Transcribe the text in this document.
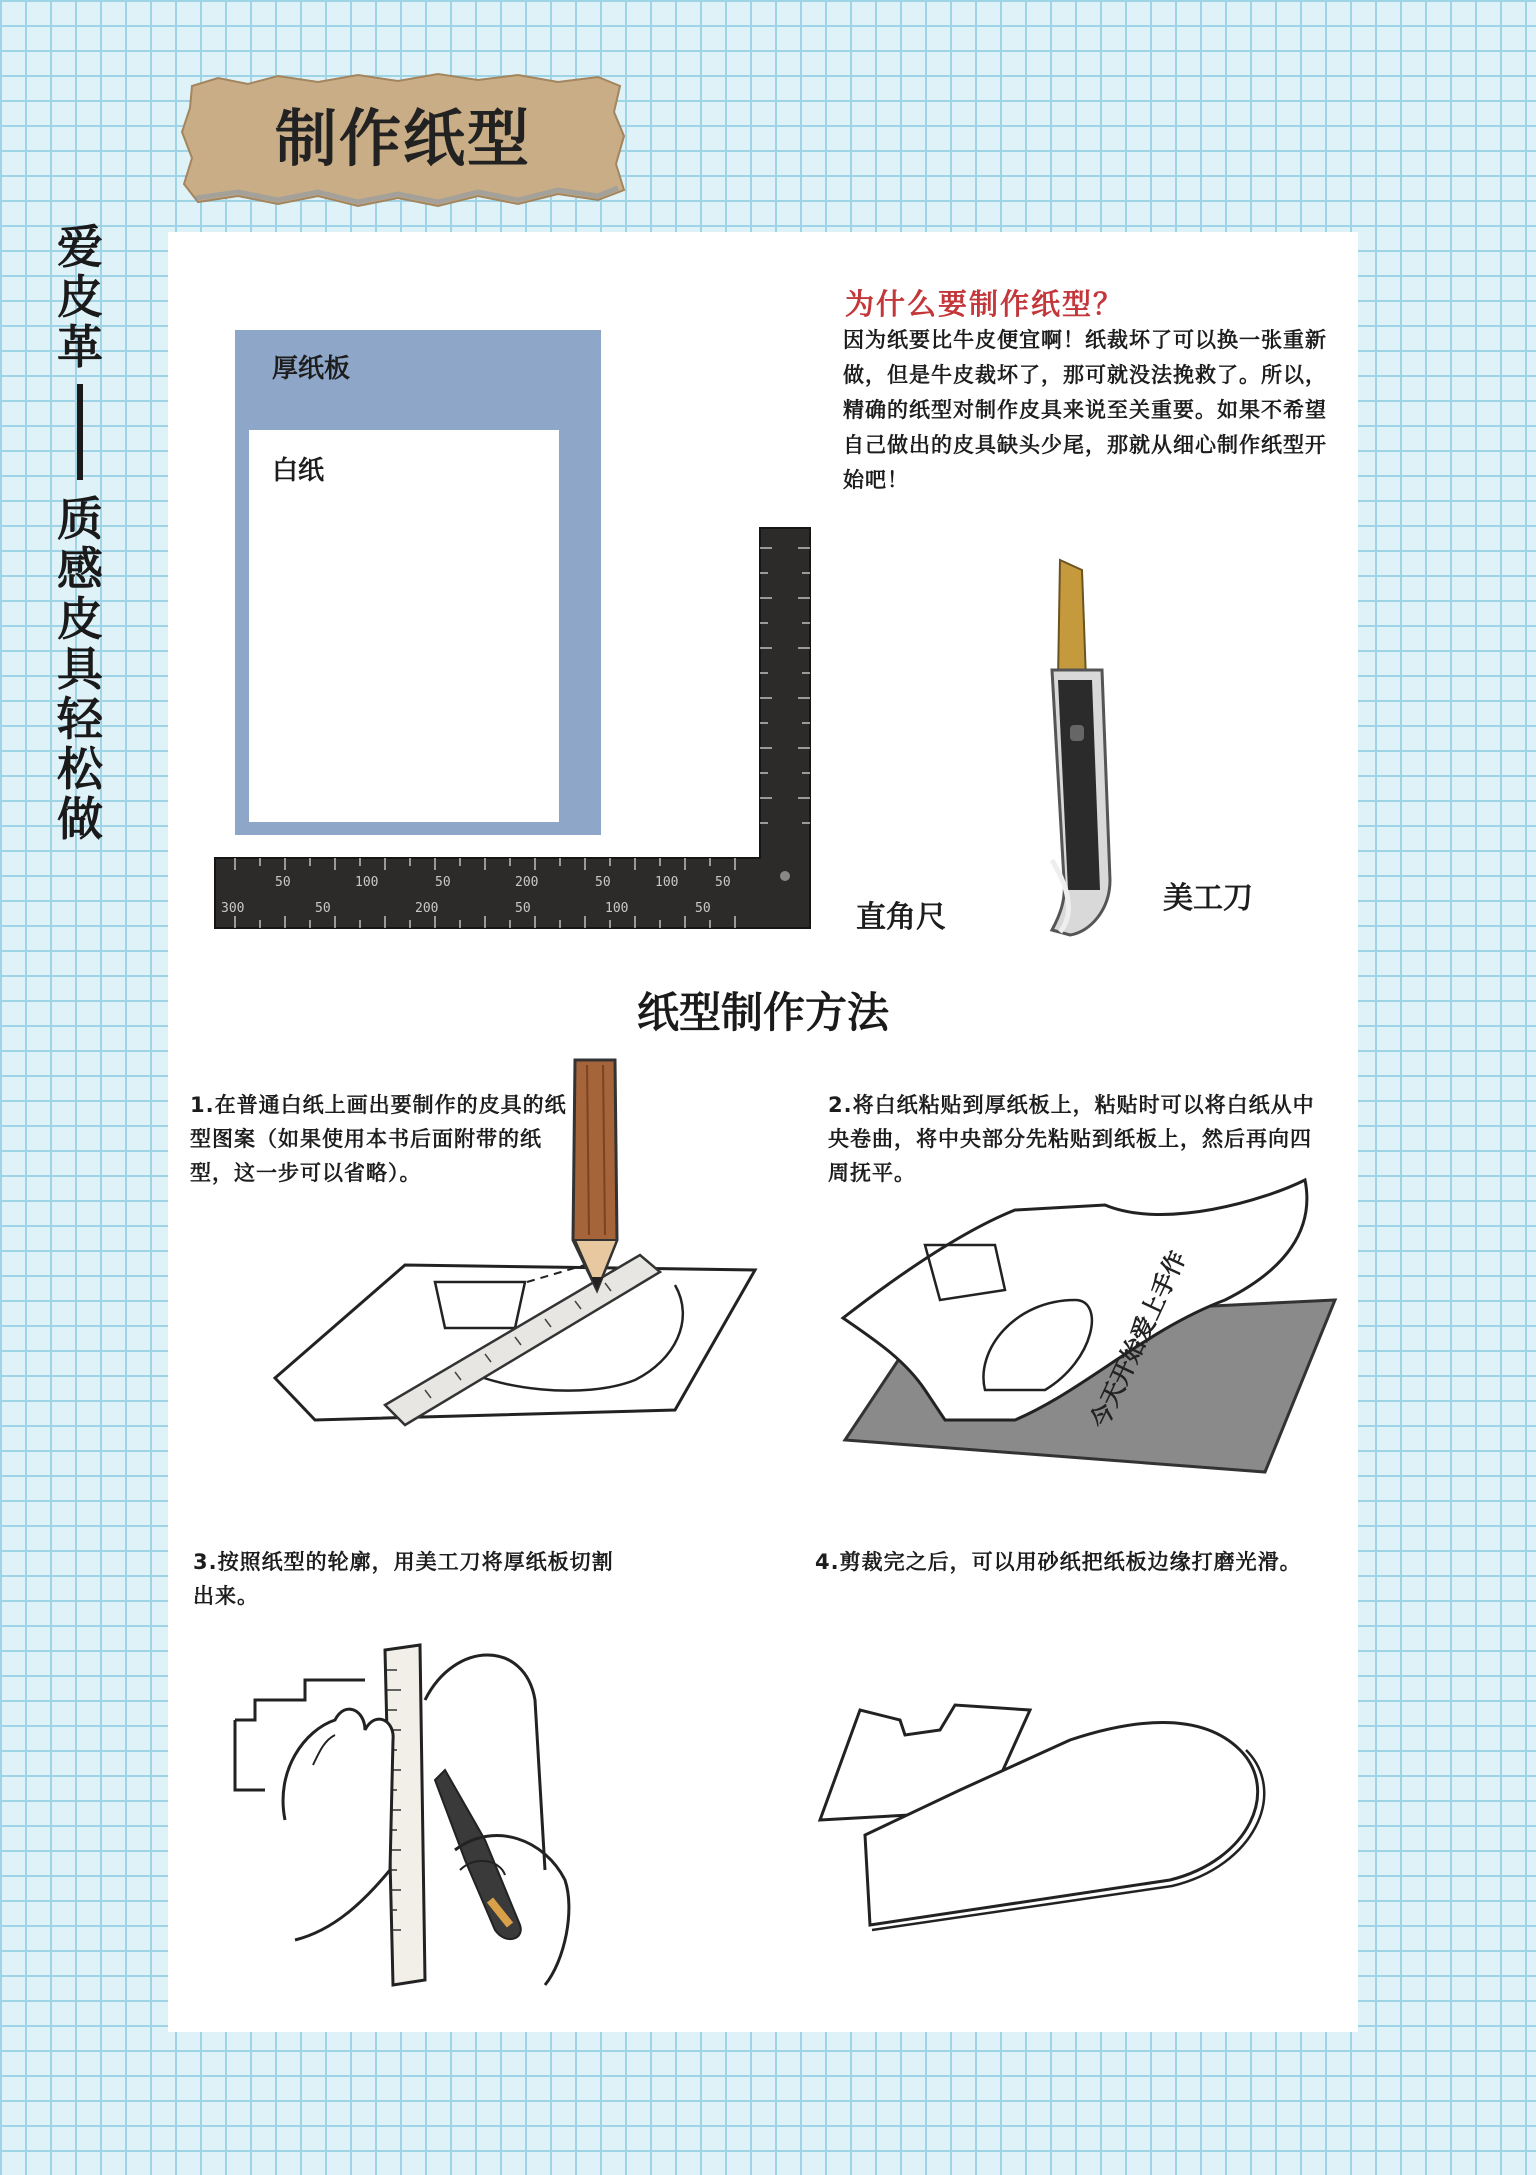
爱
皮
革
质
感
皮
具
轻
松
做
制作纸型
厚纸板
白纸
50	100	50	200	50	100	50
300	50	200	50	100	50	直角尺
美工刀
为什么要制作纸型？
因为纸要比牛皮便宜啊！纸裁坏了可以换一张重新做，但是牛皮裁坏了，那可就没法挽救了。所以，精确的纸型对制作皮具来说至关重要。如果不希望自己做出的皮具缺头少尾，那就从细心制作纸型开始吧！
纸型制作方法
1.在普通白纸上画出要制作的皮具的纸型图案（如果使用本书后面附带的纸型，这一步可以省略）。
2.将白纸粘贴到厚纸板上，粘贴时可以将白纸从中央卷曲，将中央部分先粘贴到纸板上，然后再向四周抚平。
3.按照纸型的轮廓，用美工刀将厚纸板切割出来。
4.剪裁完之后，可以用砂纸把纸板边缘打磨光滑。
今天开始爱上手作
